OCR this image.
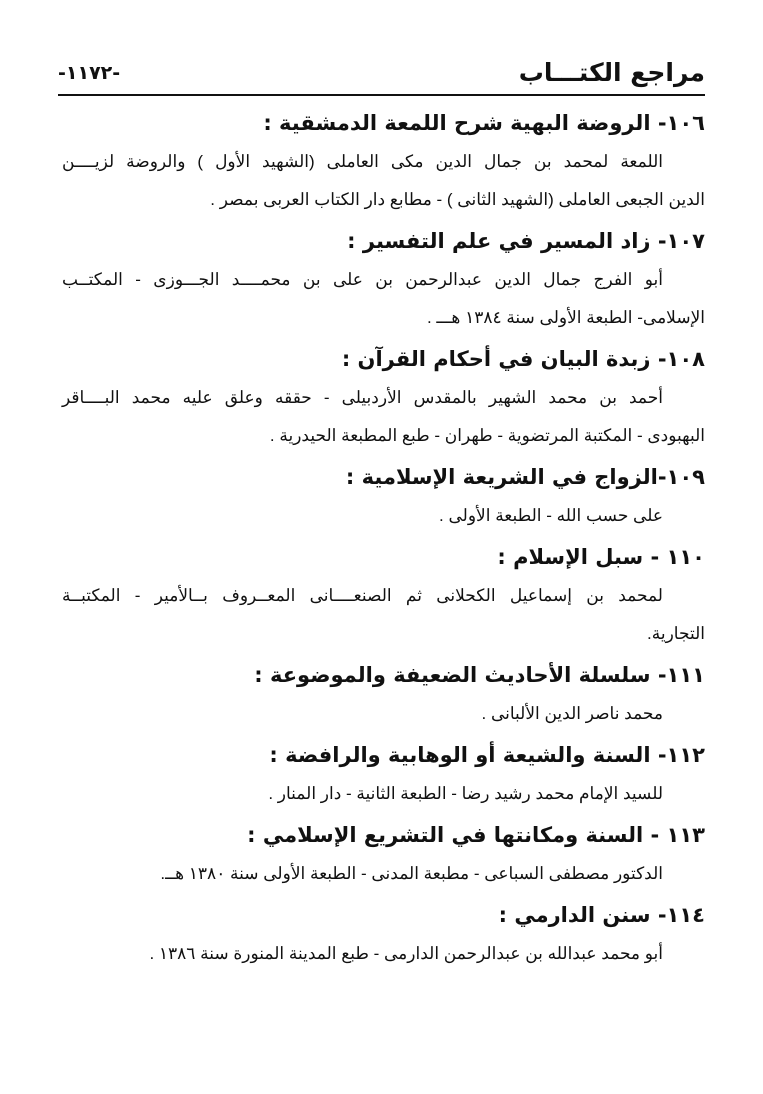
مراجع الكتـــاب
-١١٧٢-
١٠٦- الروضة البهية شرح اللمعة الدمشقية :
اللمعة لمحمد بن جمال الدين مكى العاملى (الشهيد الأول ) والروضة لزيــــن
الدين الجبعى العاملى (الشهيد الثانى ) - مطابع دار الكتاب العربى بمصر .
١٠٧- زاد المسير في علم التفسير :
أبو الفرج جمال الدين عبدالرحمن بن على بن محمــــد الجـــوزى - المكتــب
الإسلامى- الطبعة الأولى سنة ١٣٨٤ هـــ .
١٠٨- زبدة البيان في أحكام القرآن :
أحمد بن محمد الشهير بالمقدس الأردبيلى - حققه وعلق عليه محمد البــــاقر
البهبودى - المكتبة المرتضوية - طهران - طبع المطبعة الحيدرية .
١٠٩-الزواج في الشريعة الإسلامية :
على حسب الله - الطبعة الأولى .
١١٠ - سبل الإسلام :
لمحمد بن إسماعيل الكحلانى ثم الصنعــــانى المعــروف بــالأمير - المكتبــة
التجارية.
١١١- سلسلة الأحاديث الضعيفة والموضوعة :
محمد ناصر الدين الألبانى .
١١٢- السنة والشيعة أو الوهابية والرافضة :
للسيد الإمام محمد رشيد رضا - الطبعة الثانية - دار المنار .
١١٣ - السنة ومكانتها في التشريع الإسلامي :
الدكتور مصطفى السباعى - مطبعة المدنى - الطبعة الأولى سنة ١٣٨٠ هــ.
١١٤- سنن الدارمي :
أبو محمد عبدالله بن عبدالرحمن الدارمى - طبع المدينة المنورة سنة ١٣٨٦ .
